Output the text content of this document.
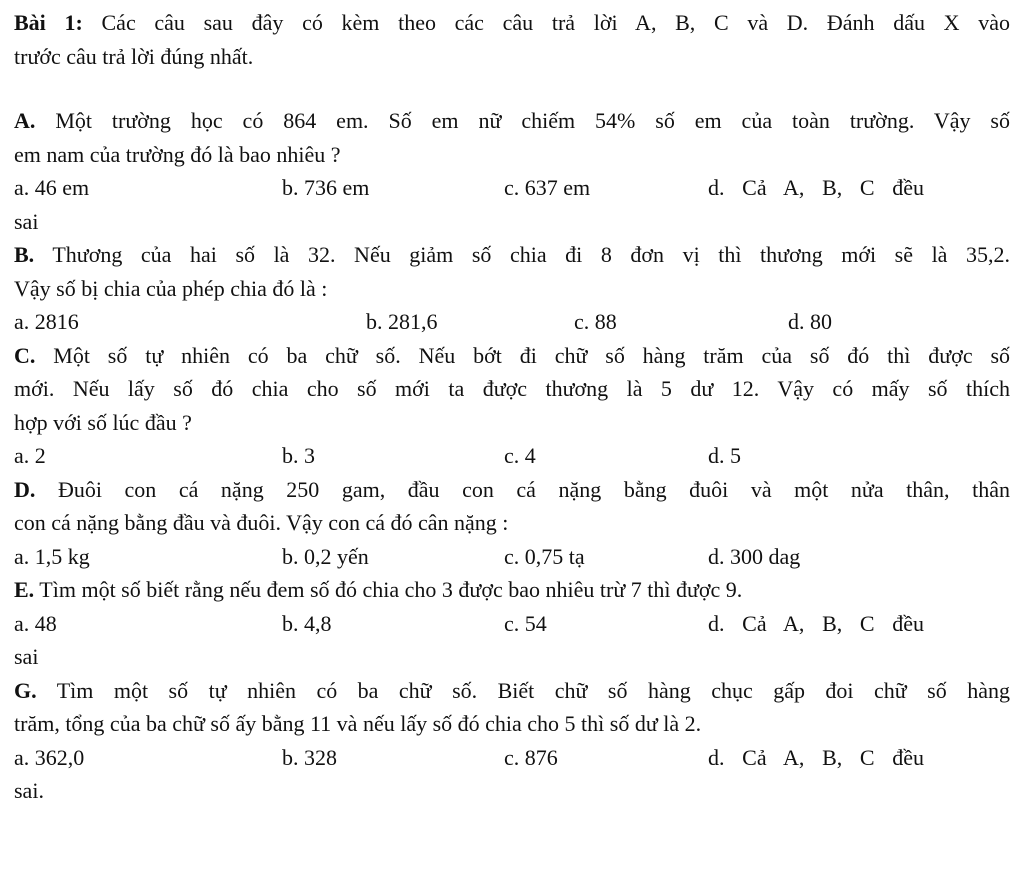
Bài 1: Các câu sau đây có kèm theo các câu trả lời A, B, C và D. Đánh dấu X vào
trước câu trả lời đúng nhất.
A. Một trường học có 864 em. Số em nữ chiếm 54% số em của toàn trường. Vậy số
em nam của trường đó là bao nhiêu ?
a. 46 em	b. 736 em	c. 637 em	d. Cả A, B, C đều
sai
B. Thương của hai số là 32. Nếu giảm số chia đi 8 đơn vị thì thương mới sẽ là 35,2.
Vậy số bị chia của phép chia đó là :
a. 2816	b. 281,6	c. 88	d. 80
C. Một số tự nhiên có ba chữ số. Nếu bớt đi chữ số hàng trăm của số đó thì được số
mới. Nếu lấy số đó chia cho số mới ta được thương là 5 dư 12. Vậy có mấy số thích
hợp với số lúc đầu ?
a. 2	b. 3	c. 4	d. 5
D. Đuôi con cá nặng 250 gam, đầu con cá nặng bằng đuôi và một nửa thân, thân
con cá nặng bằng đầu và đuôi. Vậy con cá đó cân nặng :
a. 1,5 kg	b. 0,2 yến	c. 0,75 tạ	d. 300 dag
E. Tìm một số biết rằng nếu đem số đó chia cho 3 được bao nhiêu trừ 7 thì được 9.
a. 48	b. 4,8	c. 54	d. Cả A, B, C đều
sai
G. Tìm một số tự nhiên có ba chữ số. Biết chữ số hàng chục gấp đoi chữ số hàng
trăm, tổng của ba chữ số ấy bằng 11 và nếu lấy số đó chia cho 5 thì số dư là 2.
a. 362,0	b. 328	c. 876	d. Cả A, B, C đều
sai.
